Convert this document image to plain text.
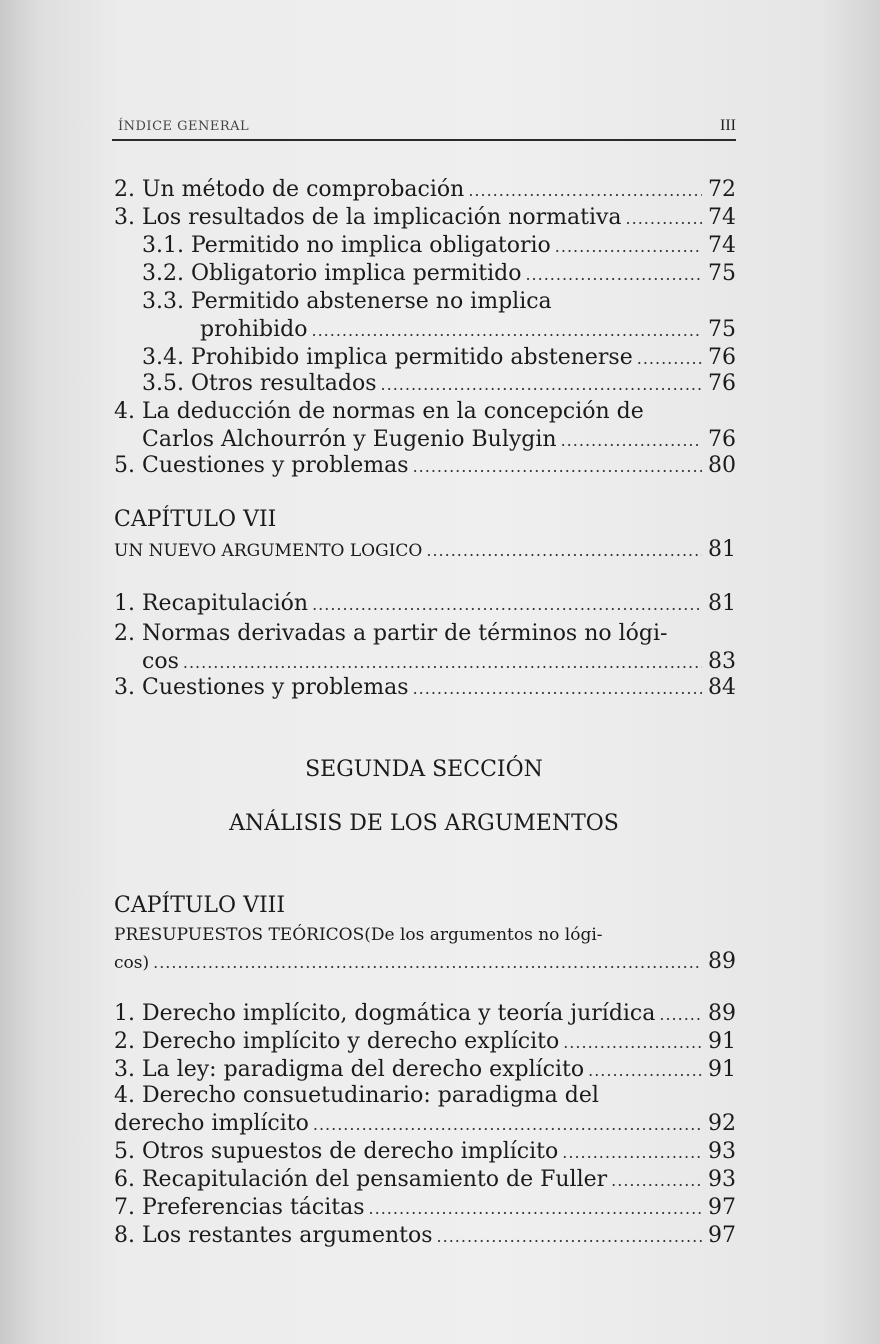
ÍNDICE GENERAL	III
2. Un método de comprobación .....	72
3. Los resultados de la implicación normativa .....	74
3.1. Permitido no implica obligatorio .....	74
3.2. Obligatorio implica permitido .....	75
3.3. Permitido abstenerse no implica
prohibido .....	75
3.4. Prohibido implica permitido abstenerse .....	76
3.5. Otros resultados .....	76
4. La deducción de normas en la concepción de
Carlos Alchourrón y Eugenio Bulygin .....	76
5. Cuestiones y problemas .....	80
CAPÍTULO VII
UN NUEVO ARGUMENTO LOGICO .....	81
1. Recapitulación .....	81
2. Normas derivadas a partir de términos no lógi-
cos .....	83
3. Cuestiones y problemas .....	84
SEGUNDA SECCIÓN
ANÁLISIS DE LOS ARGUMENTOS
CAPÍTULO VIII
PRESUPUESTOS TEÓRICOS(De los argumentos no lógi-
cos) .....	89
1. Derecho implícito, dogmática y teoría jurídica ..... 89
2. Derecho implícito y derecho explícito .....	91
3. La ley: paradigma del derecho explícito .....	91
4. Derecho consuetudinario: paradigma del
derecho implícito .....	92
5. Otros supuestos de derecho implícito .....	93
6. Recapitulación del pensamiento de Fuller .....	93
7. Preferencias tácitas .....	97
8. Los restantes argumentos .....	97
